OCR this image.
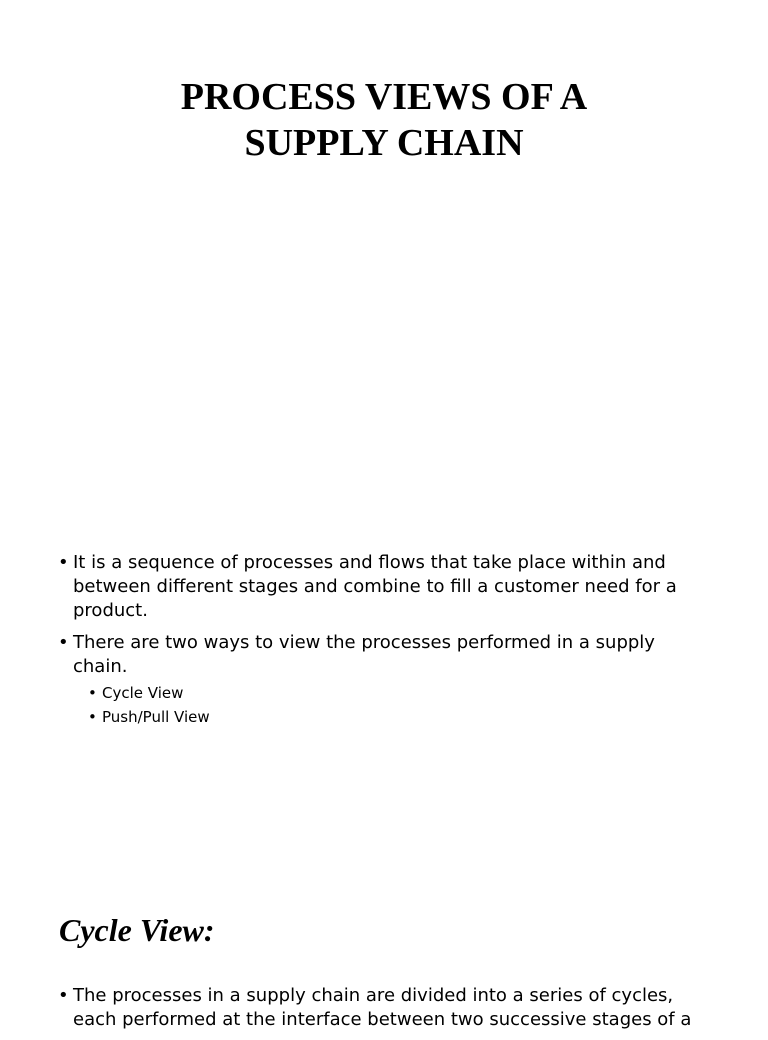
PROCESS VIEWS OF A
SUPPLY CHAIN
• It is a sequence of processes and flows that take place within and
between different stages and combine to fill a customer need for a
product.
• There are two ways to view the processes performed in a supply
chain.
• Cycle View
• Push/Pull View
Cycle View:
• The processes in a supply chain are divided into a series of cycles,
each performed at the interface between two successive stages of a
